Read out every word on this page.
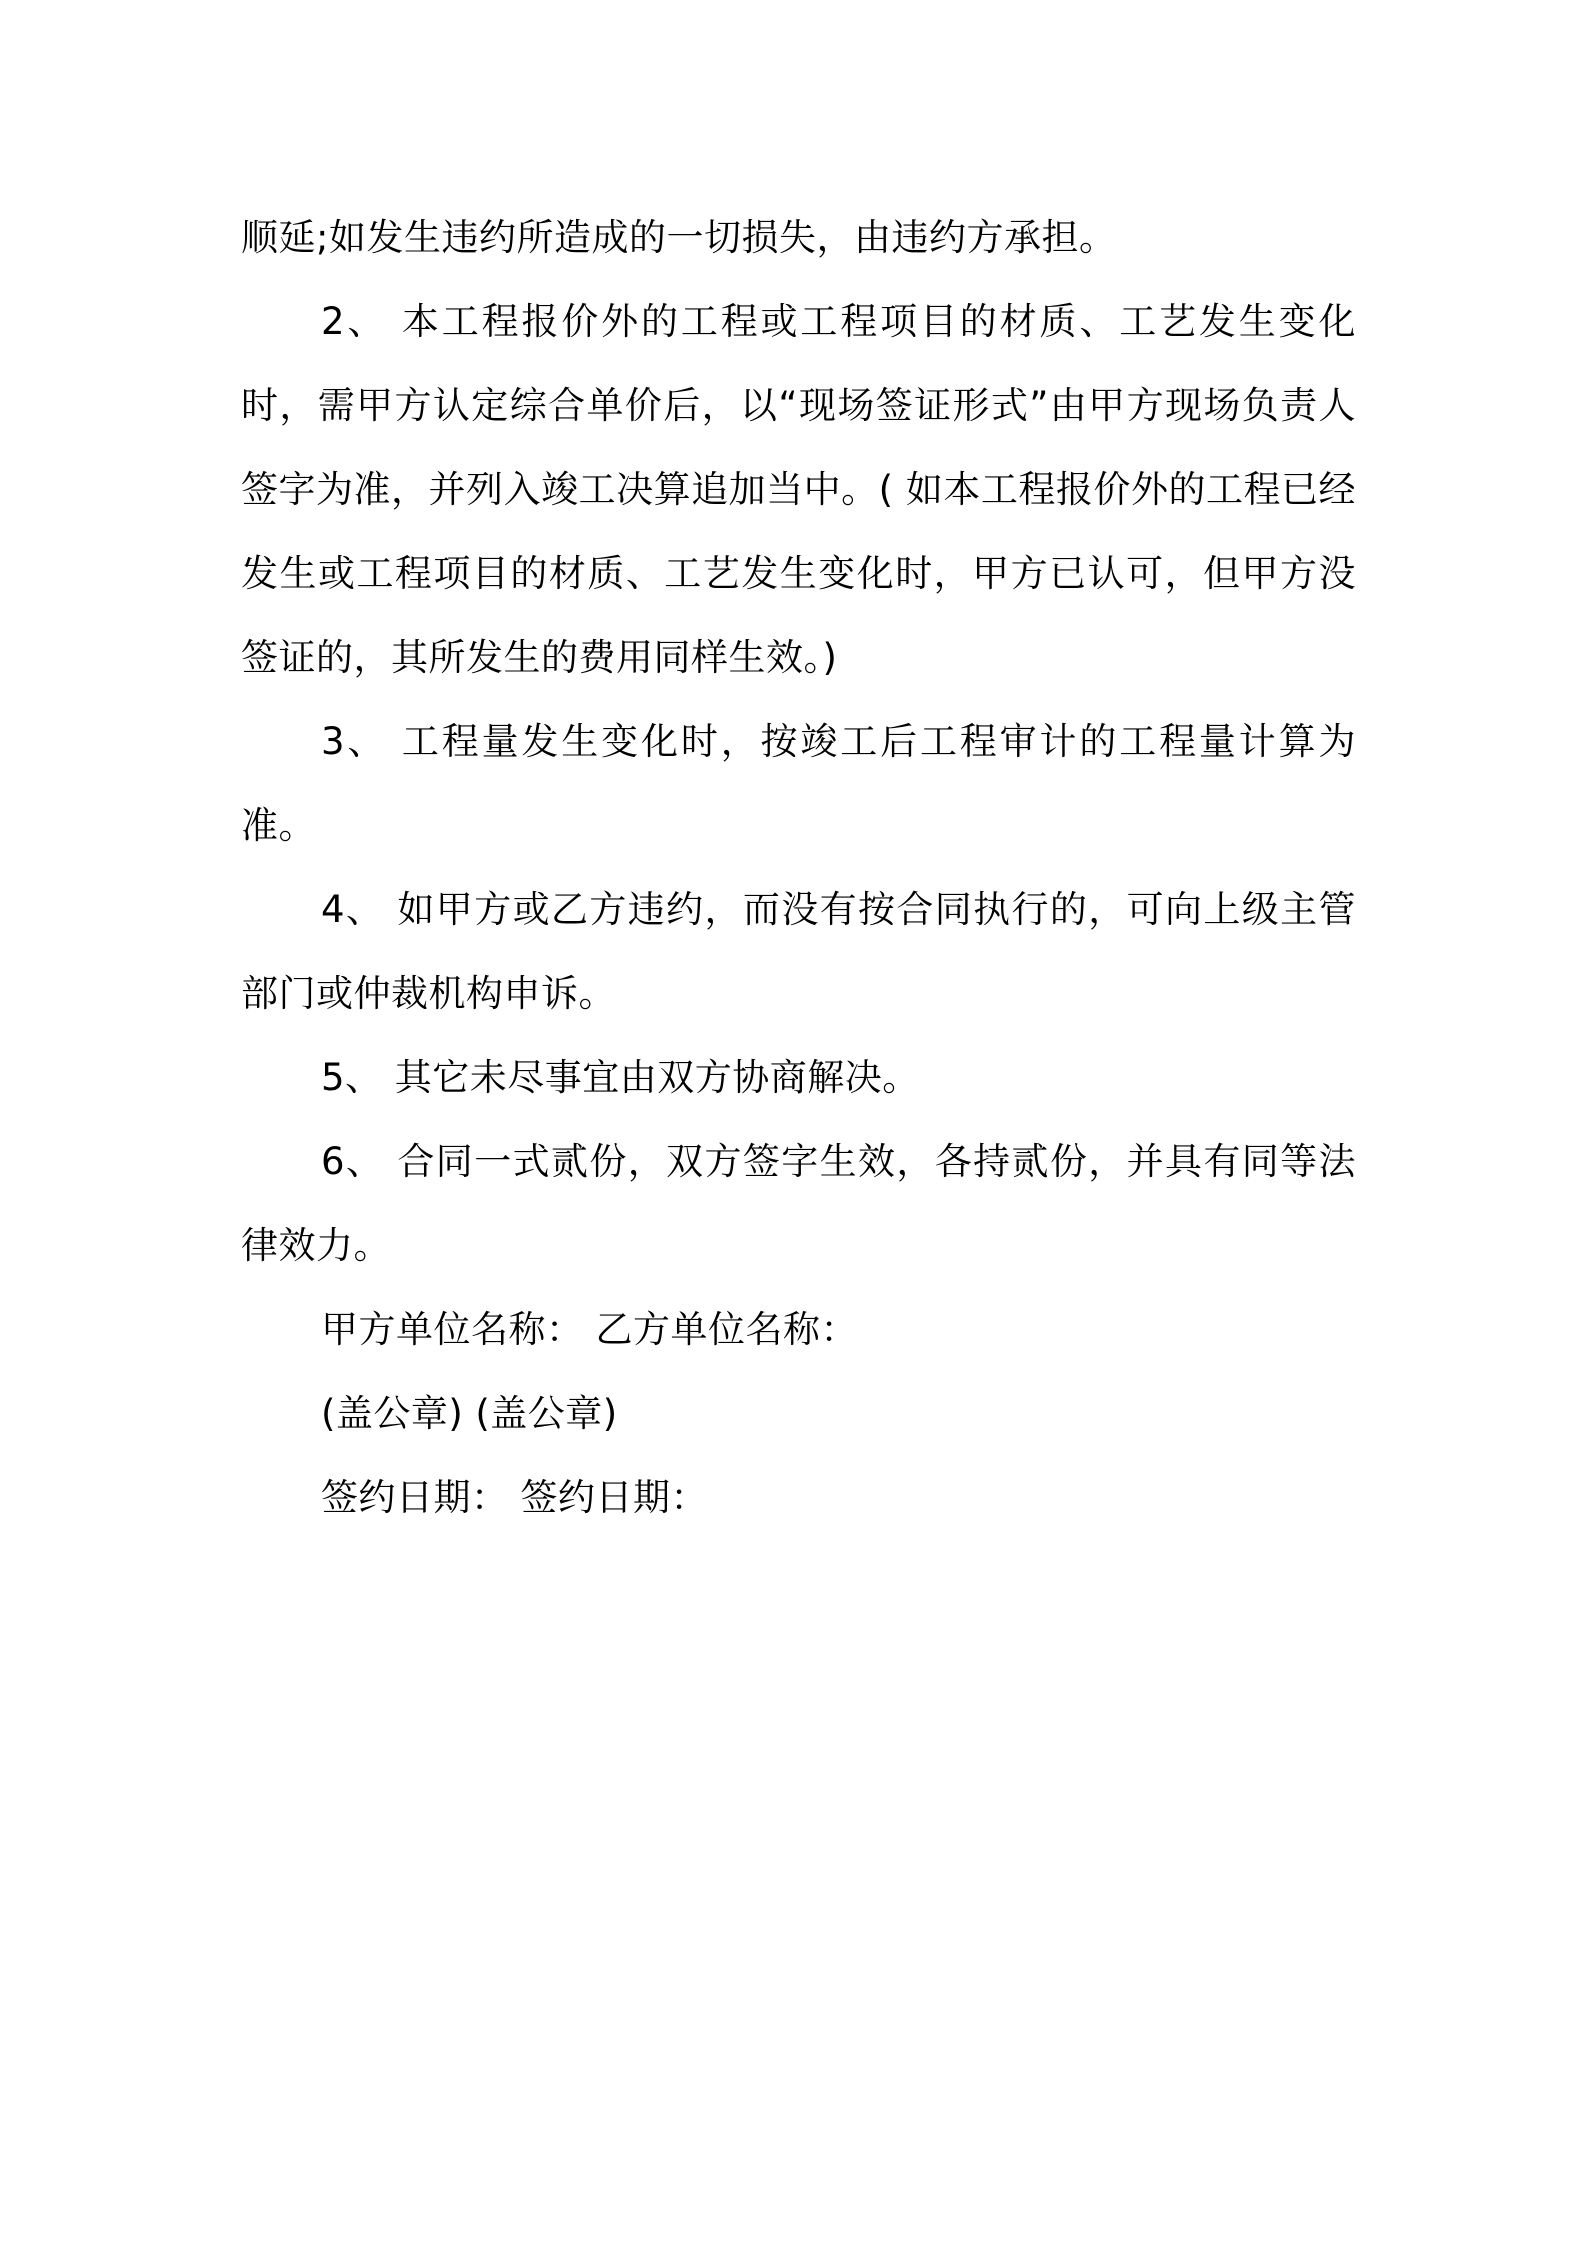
顺延;如发生违约所造成的一切损失，由违约方承担。

2、 本工程报价外的工程或工程项目的材质、工艺发生变化时，需甲方认定综合单价后，以“现场签证形式”由甲方现场负责人签字为准，并列入竣工决算追加当中。( 如本工程报价外的工程已经发生或工程项目的材质、工艺发生变化时，甲方已认可，但甲方没签证的，其所发生的费用同样生效。)

3、 工程量发生变化时，按竣工后工程审计的工程量计算为准。

4、 如甲方或乙方违约，而没有按合同执行的，可向上级主管部门或仲裁机构申诉。

5、 其它未尽事宜由双方协商解决。

6、 合同一式贰份，双方签字生效，各持贰份，并具有同等法律效力。

甲方单位名称： 乙方单位名称：
(盖公章) (盖公章)
签约日期： 签约日期：
